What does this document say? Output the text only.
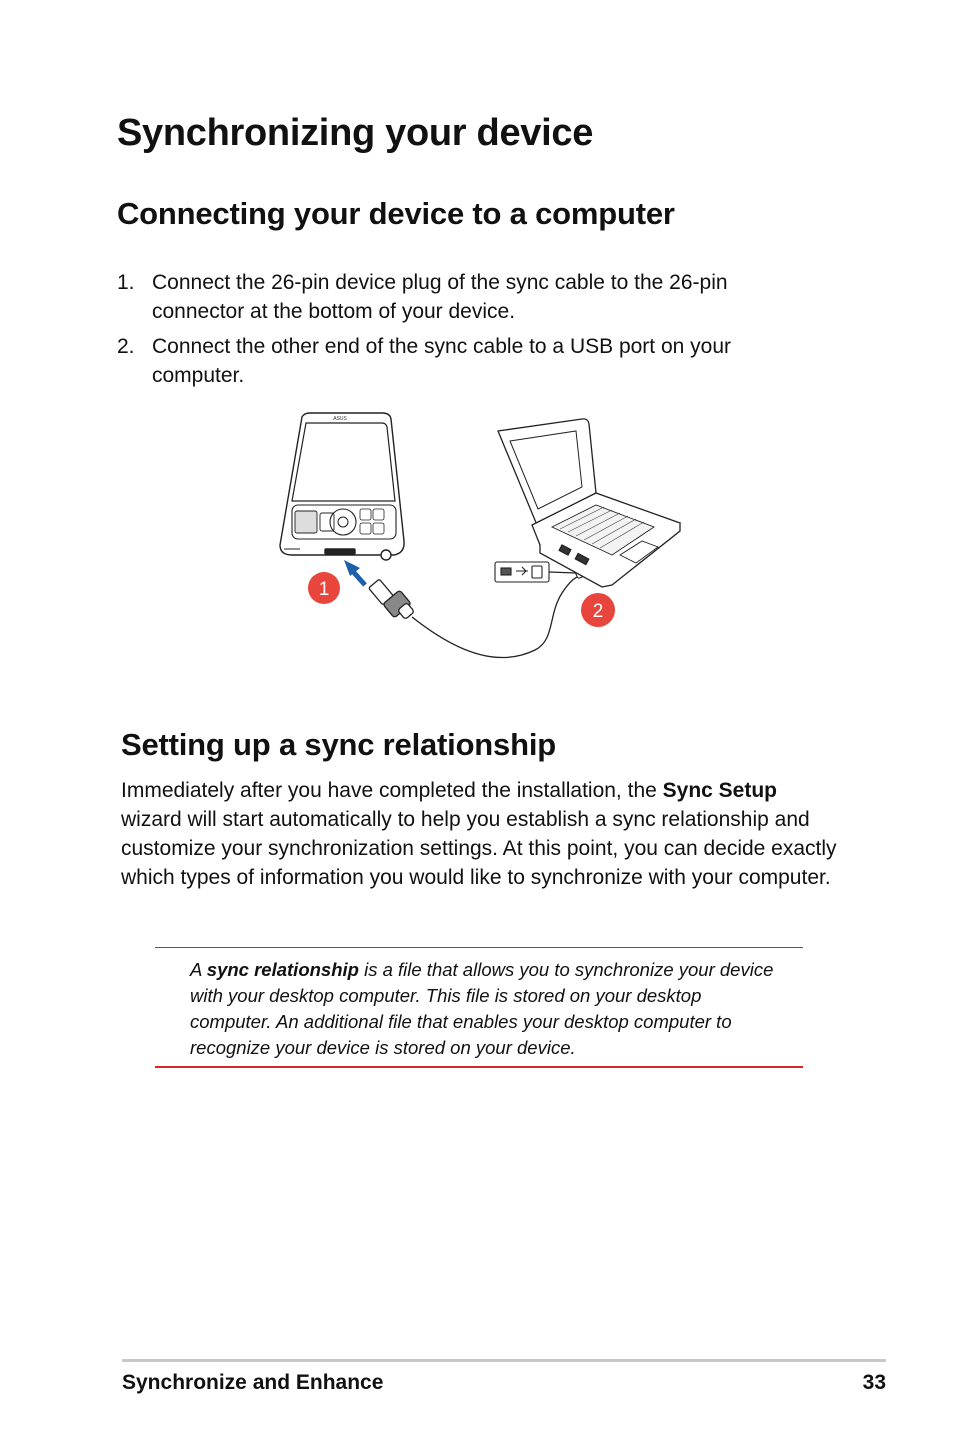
Synchronizing your device
Connecting your device to a computer
1. Connect the 26-pin device plug of the sync cable to the 26-pin connector at the bottom of your device.
2. Connect the other end of the sync cable to a USB port on your computer.
ASUS
1
2
Setting up a sync relationship
Immediately after you have completed the installation, the Sync Setup wizard will start automatically to help you establish a sync relationship and customize your synchronization settings. At this point, you can decide exactly which types of information you would like to synchronize with your computer.
A sync relationship is a file that allows you to synchronize your device with your desktop computer. This file is stored on your desktop computer. An additional file that enables your desktop computer to recognize your device is stored on your device.
Synchronize and Enhance	33
